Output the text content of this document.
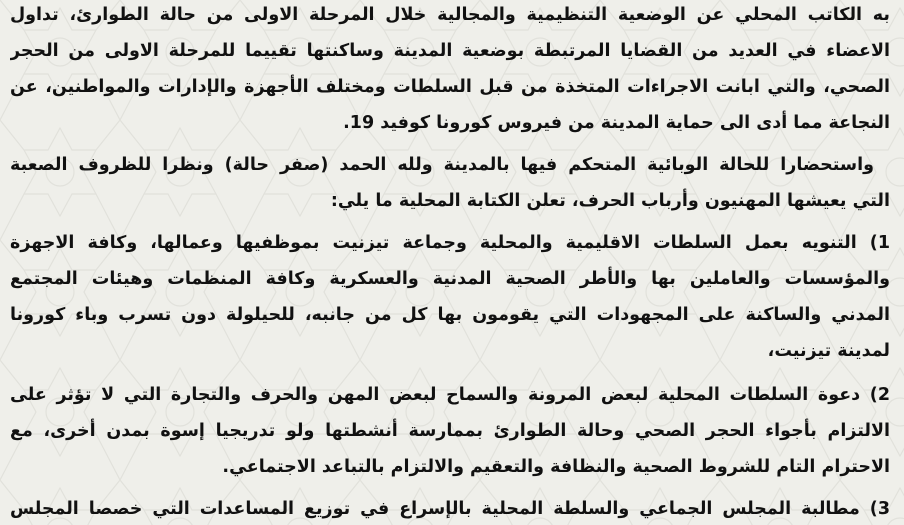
به الكاتب المحلي عن الوضعية التنظيمية والمجالية خلال المرحلة الاولى من حالة الطوارئ، تداول
الاعضاء في العديد من القضايا المرتبطة بوضعية المدينة وساكنتها تقييما للمرحلة الاولى من الحجر
الصحي، والتي ابانت الاجراءات المتخذة من قبل السلطات ومختلف الأجهزة والإدارات والمواطنين، عن
النجاعة مما أدى الى حماية المدينة من فيروس كورونا كوفيد 19.
واستحضارا للحالة الوبائية المتحكم فيها بالمدينة ولله الحمد (صفر حالة) ونظرا للظروف الصعبة
التي يعيشها المهنيون وأرباب الحرف، تعلن الكتابة المحلية ما يلي:
1) التنويه بعمل السلطات الاقليمية والمحلية وجماعة تيزنيت بموظفيها وعمالها، وكافة الاجهزة
والمؤسسات والعاملين بها والأطر الصحية المدنية والعسكرية وكافة المنظمات وهيئات المجتمع
المدني والساكنة على المجهودات التي يقومون بها كل من جانبه، للحيلولة دون تسرب وباء كورونا
لمدينة تيزنيت،
2) دعوة السلطات المحلية لبعض المرونة والسماح لبعض المهن والحرف والتجارة التي لا تؤثر على
الالتزام بأجواء الحجر الصحي وحالة الطوارئ بممارسة أنشطتها ولو تدريجيا إسوة بمدن أخرى، مع
الاحترام التام للشروط الصحية والنظافة والتعقيم والالتزام بالتباعد الاجتماعي.
3) مطالبة المجلس الجماعي والسلطة المحلية بالإسراع في توزيع المساعدات التي خصصا المجلس
